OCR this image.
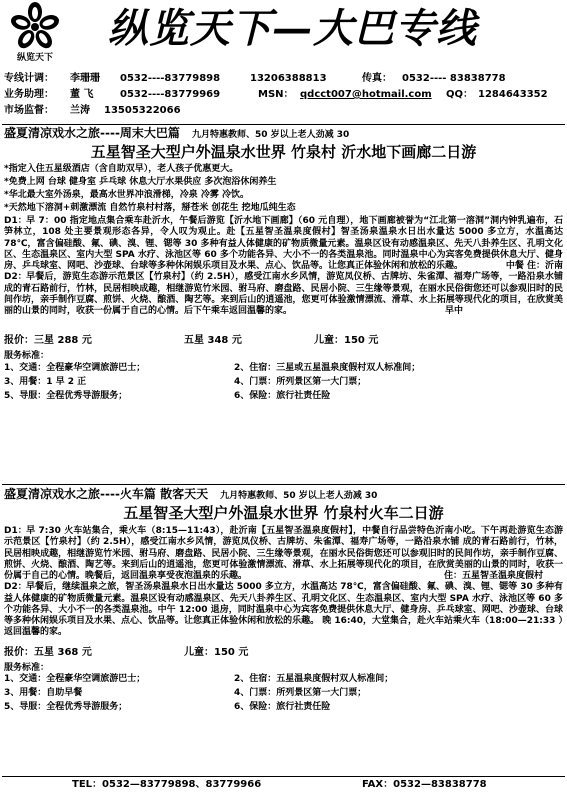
纵览天下
纵览天下—大巴专线
专线计调： 李珊珊 0532----83779898	13206388813	传真： 0532---- 83838778
业务助理： 董 飞	0532----83779969	MSN： qdcct007@hotmail.com QQ： 1284643352
市场监督： 兰涛 13505322066
盛夏清凉戏水之旅----周末大巴篇 九月特惠教师、50 岁以上老人劲减 30
五星智圣大型户外温泉水世界 竹泉村 沂水地下画廊二日游
*指定入住五星级酒店（含自助双早），老人孩子优惠更大。
*免费上网 台球 健身室 乒乓球 休息大厅水果供应 多次泡浴休闲养生
*华北最大室外汤泉，最高水世界冲浪滑梯，冷泉 冷雾 冷饮。
*天然地下溶洞+刺激漂流 自然竹泉村村落，掰苍米 创花生 挖地瓜纯生态
D1：早 7：00 指定地点集合乘车赴沂水，午餐后游览【沂水地下画廊】（60 元自理），地下画廊被誉为“江北第一溶洞”洞内钟乳遍布，石笋林立，108 处主要景观形态各异，令人叹为观止。赴【五星智圣温泉度假村】智圣汤泉温泉水日出水量达 5000 多立方，水温高达 78℃，富含偏硅酸、氟、碘、溴、锂、锶等 30 多种有益人体健康的矿物质微量元素。温泉区设有动感温泉区、先天八卦养生区、孔明文化区、生态温泉区、室内大型 SPA 水疗、泳池区等 60 多个功能各异、大小不一的各类温泉池。同时温泉中心为宾客免费提供休息大厅、健身房、乒乓球室、网吧、沙壶球、台球等多种休闲娱乐项目及水果、点心、饮品等。让您真正体验休闲和放松的乐趣。	中餐 住：沂南
D2：早餐后，游览生态游示范景区【竹泉村】（约 2.5H），感受江南水乡风情，游览凤仪桥、古牌坊、朱雀潭、福寿广场等，一路沿泉水铺 成的青石路前行，竹林，民居相映成趣，相继游览竹米园、驸马府、磨盘路、民居小院、三生缘等景观，在丽水民俗街您还可以参观旧时的民间作坊，亲手制作豆腐、煎饼、火烧、酿酒、陶艺等。来到后山的逍遥池，您更可体验激情漂流、滑草、水上拓展等现代化的项目，在欣赏美丽的山景的同时，收获一份属于自己的心情。后下午乘车返回温馨的家。	早中
报价：三星 288 元	五星 348 元	儿童：150 元
服务标准：
1、交通：全程豪华空调旅游巴士；	2、住宿：三星或五星温泉度假村双人标准间；
3、用餐：1 早 2 正	4、门票：所列景区第一大门票；
5、导服：全程优秀导游服务；	6、保险：旅行社责任险
盛夏清凉戏水之旅----火车篇 散客天天 九月特惠教师、50 岁以上老人劲减 30
五星智圣大型户外温泉水世界 竹泉村火车二日游
D1：早 7:30 火车站集合，乘火车（8:15—11:43），赴沂南【五星智圣温泉度假村】，中餐自行品尝特色沂南小吃。下午再赴游览生态游示范景区【竹泉村】（约 2.5H），感受江南水乡风情，游览凤仪桥、古牌坊、朱雀潭、福寿广场等，一路沿泉水铺 成的青石路前行，竹林，民居相映成趣，相继游览竹米园、驸马府、磨盘路、民居小院、三生缘等景观，在丽水民俗街您还可以参观旧时的民间作坊，亲手制作豆腐、煎饼、火烧、酿酒、陶艺等。来到后山的逍遥池，您更可体验激情漂流、滑草、水上拓展等现代化的项目，在欣赏美丽的山景的同时，收获一份属于自己的心情。晚餐后，返回温泉享受夜泡温泉的乐趣。	住：五星智圣温泉度假村
D2：早餐后，继续温泉之旅，智圣汤泉温泉水日出水量达 5000 多立方，水温高达 78℃，富含偏硅酸、氟、碘、溴、锂、锶等 30 多种有益人体健康的矿物质微量元素。温泉区设有动感温泉区、先天八卦养生区、孔明文化区、生态温泉区、室内大型 SPA 水疗、泳池区等 60 多个功能各异、大小不一的各类温泉池。中午 12:00 退房，同时温泉中心为宾客免费提供休息大厅、健身房、乒乓球室、网吧、沙壶球、台球等多种休闲娱乐项目及水果、点心、饮品等。让您真正体验休闲和放松的乐趣。 晚 16:40，大堂集合，赴火车站乘火车（18:00—21:33 ）返回温馨的家。
报价：五星 368 元	儿童：150 元
服务标准：
1、交通：全程豪华空调旅游巴士；	2、住宿：五星温泉度假村双人标准间；
3、用餐：自助早餐	4、门票：所列景区第一大门票；
5、导服：全程优秀导游服务；	6、保险：旅行社责任险
TEL：0532—83779898、83779966	FAX：0532—83838778
